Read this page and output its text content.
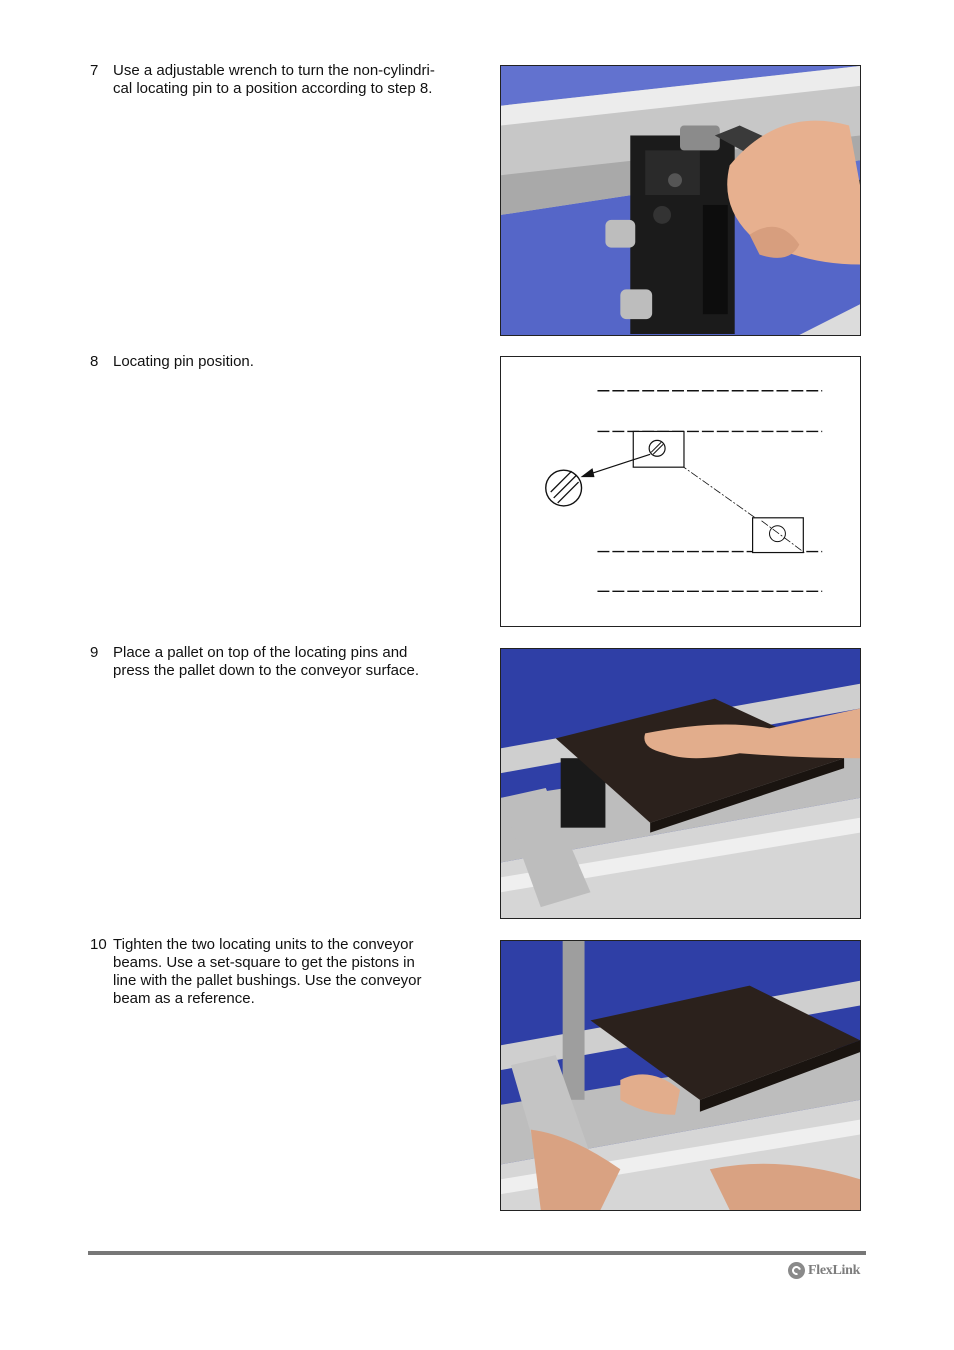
7 Use a adjustable wrench to turn the non-cylindri-
cal locating pin to a position according to step 8.
8 Locating pin position.
9 Place a pallet on top of the locating pins and
press the pallet down to the conveyor surface.
10 Tighten the two locating units to the conveyor
beams. Use a set-square to get the pistons in
line with the pallet bushings. Use the conveyor
beam as a reference.
FlexLink
